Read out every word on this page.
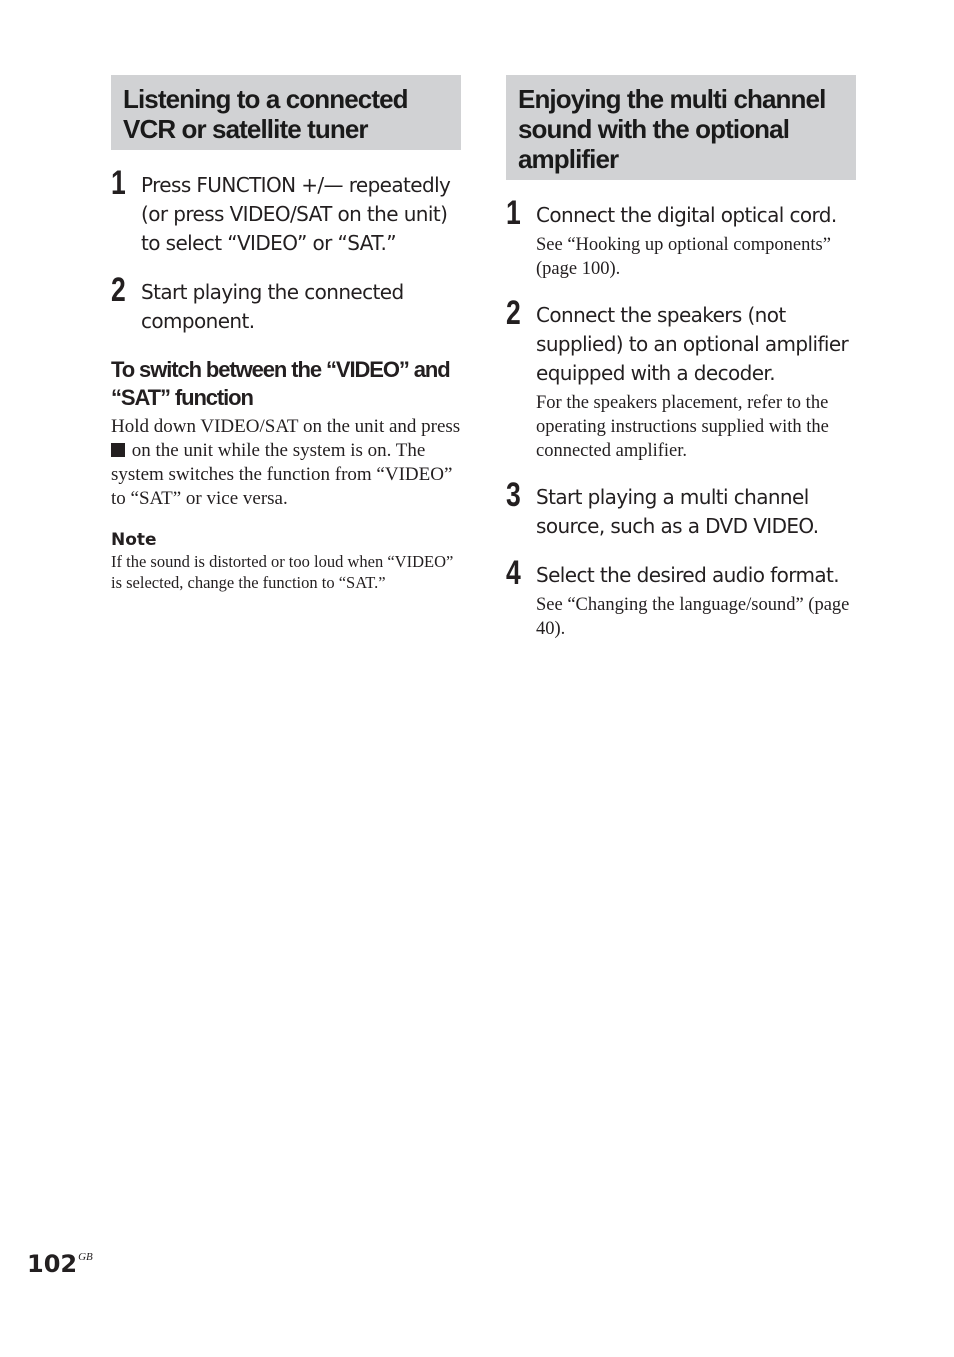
Listening to a connected VCR or satellite tuner
1 Press FUNCTION +/— repeatedly (or press VIDEO/SAT on the unit) to select “VIDEO” or “SAT.”
2 Start playing the connected component.
To switch between the “VIDEO” and “SAT” function
Hold down VIDEO/SAT on the unit and press  on the unit while the system is on. The system switches the function from “VIDEO” to “SAT” or vice versa.
Note
If the sound is distorted or too loud when “VIDEO” is selected, change the function to “SAT.”
Enjoying the multi channel sound with the optional amplifier
1 Connect the digital optical cord.
See “Hooking up optional components” (page 100).
2 Connect the speakers (not supplied) to an optional amplifier equipped with a decoder.
For the speakers placement, refer to the operating instructions supplied with the connected amplifier.
3 Start playing a multi channel source, such as a DVD VIDEO.
4 Select the desired audio format.
See “Changing the language/sound” (page 40).
$102^{GB}$
